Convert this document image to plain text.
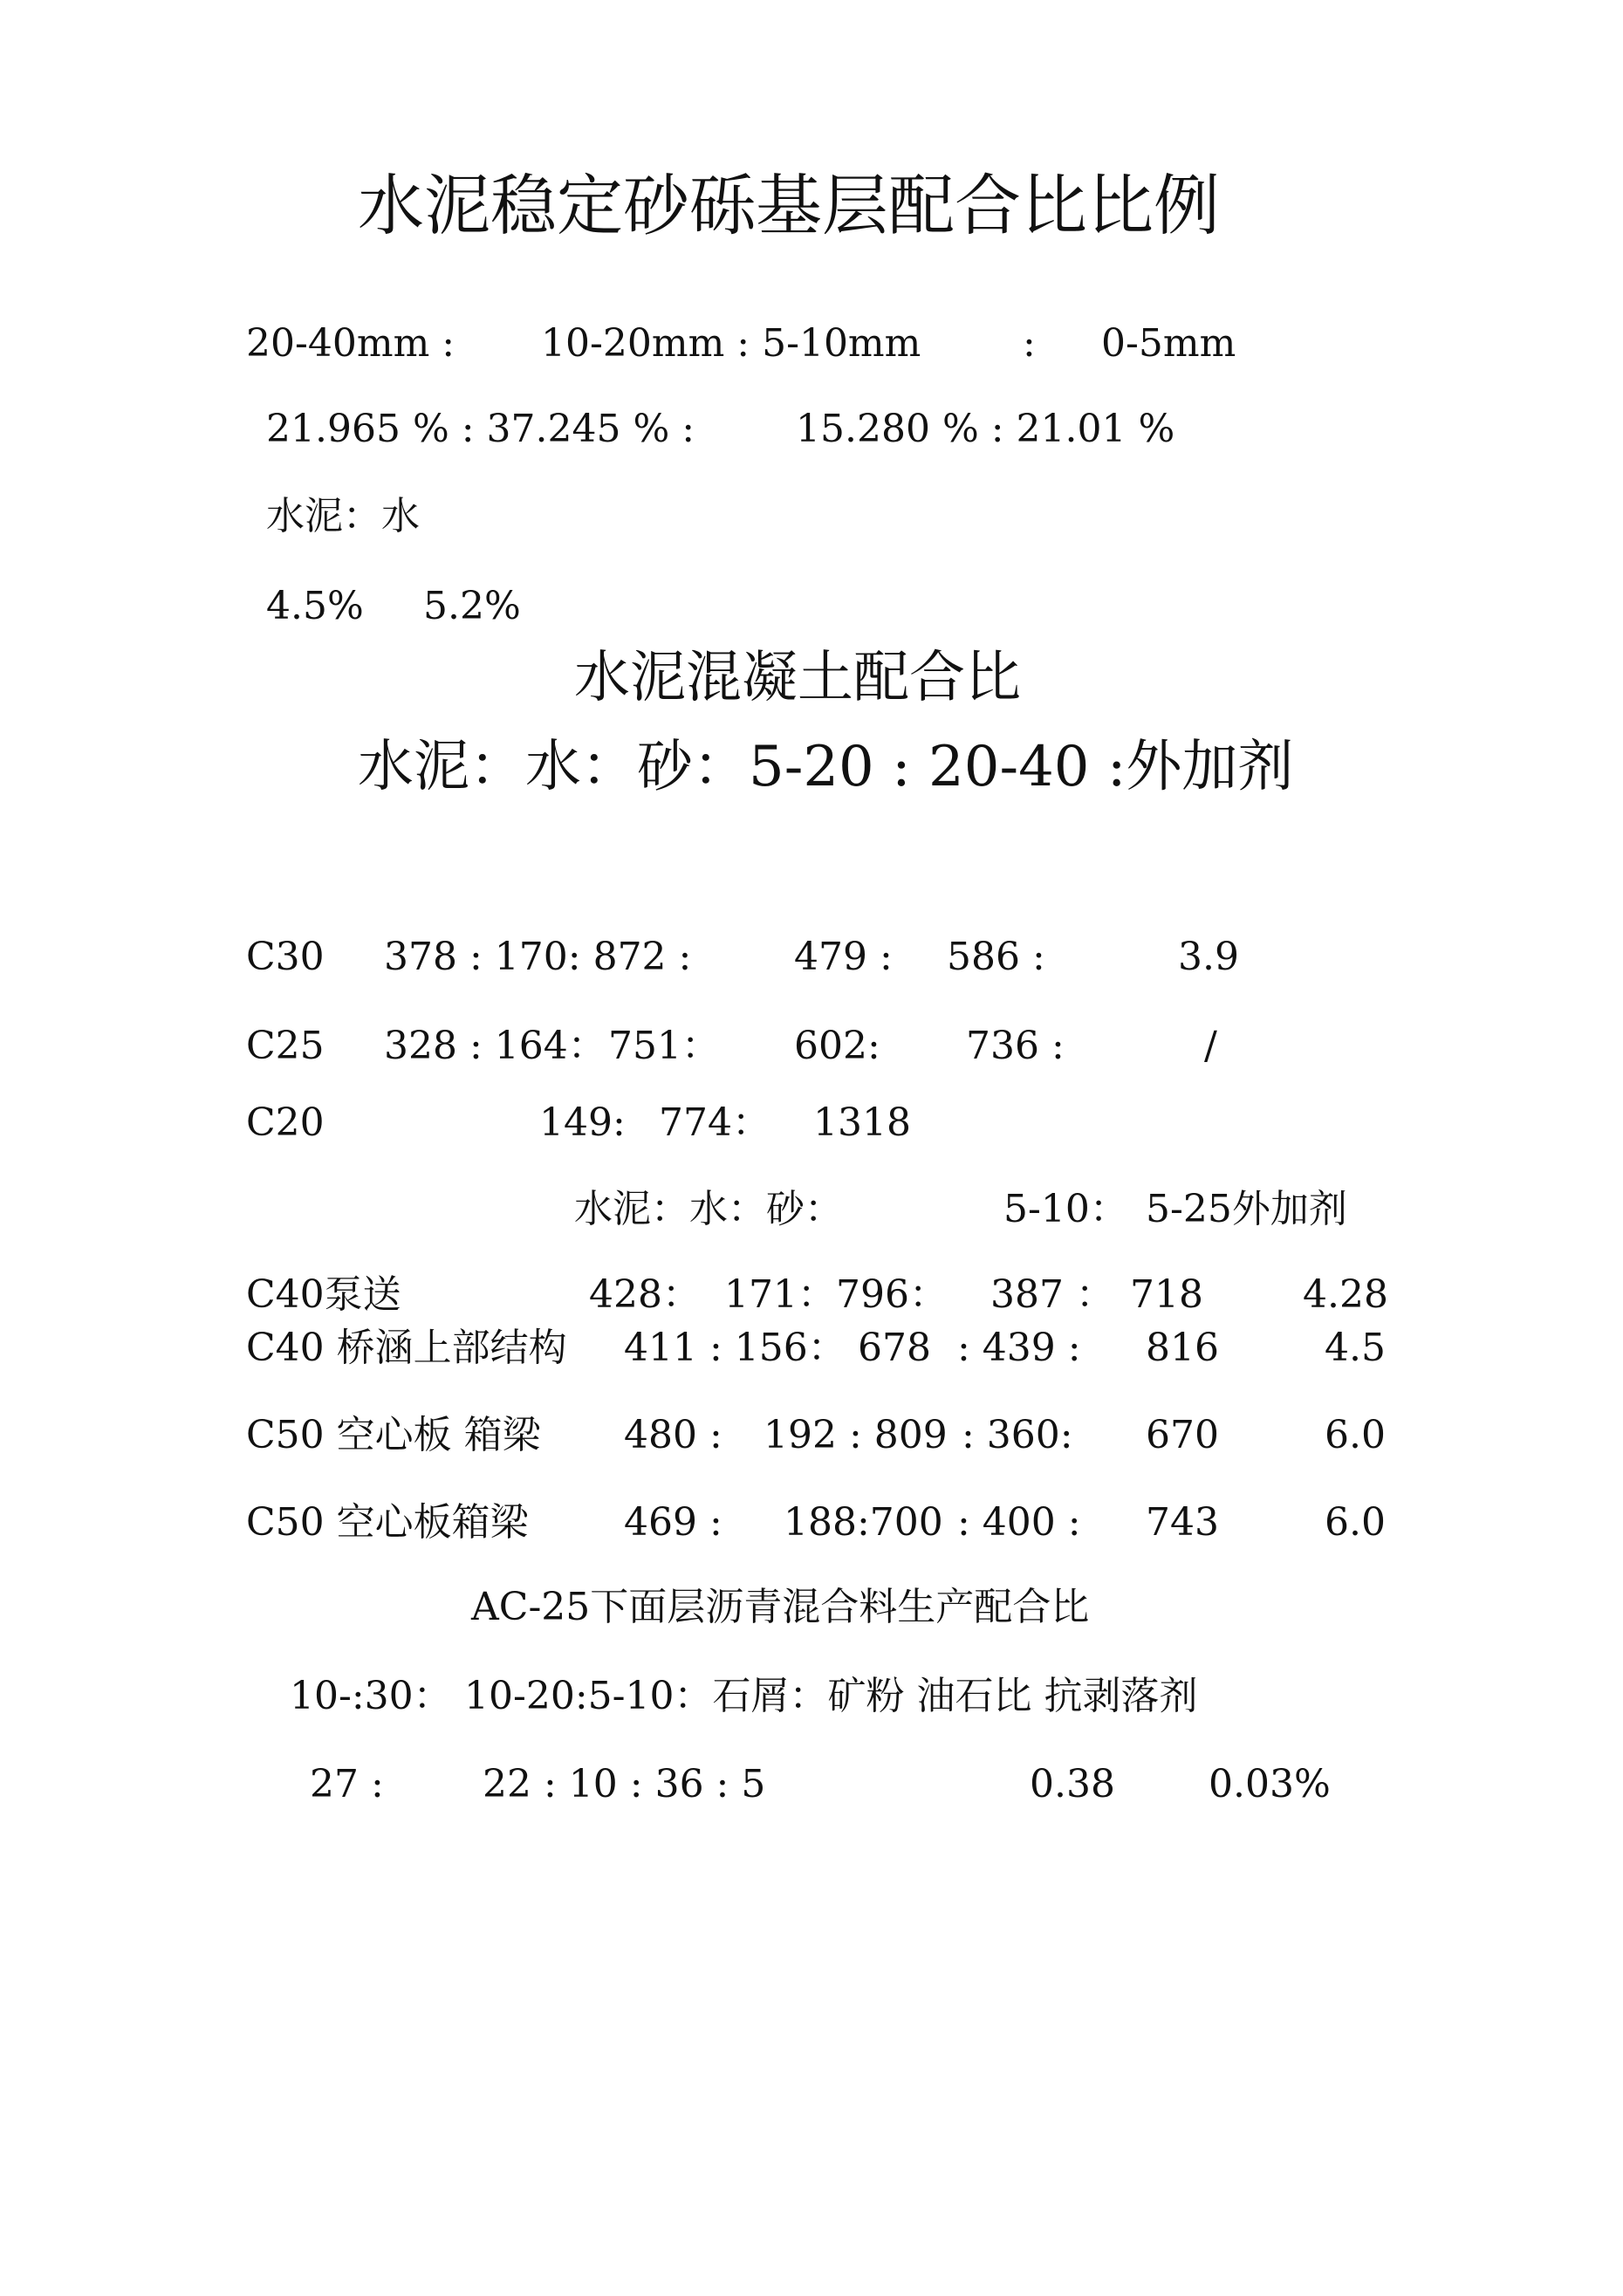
水泥稳定砂砾基层配合比比例
20-40mm : 10-20mm : 5-10mm	: 0-5mm
21.965 % : 37.245 % :	15.280 % : 21.01 %
水泥：水
4.5% 5.2%
水泥混凝土配合比
水泥：水：砂：5-20 : 20-40 :外加剂
C30 378 : 170: 872 :	479 : 586 :	3.9
C25 328 : 164： 751： 602: 736 :	/
C20	149: 774： 1318
水泥：水：砂：	5-10： 5-25外加剂
C40泵送	428： 171：796： 387 ： 718	4.28
C40 桥涵上部结构 411 : 156： 678 : 439 : 816	4.5
C50 空心板 箱梁 480 : 192 : 809 : 360: 670	6.0
C50 空心板箱梁 469 : 188:700 : 400 : 743	6.0
AC-25下面层沥青混合料生产配合比
10-:30： 10-20:5-10：石屑：矿粉 油石比 抗剥落剂
27 :	22 : 10 : 36 : 5	0.38 0.03%
